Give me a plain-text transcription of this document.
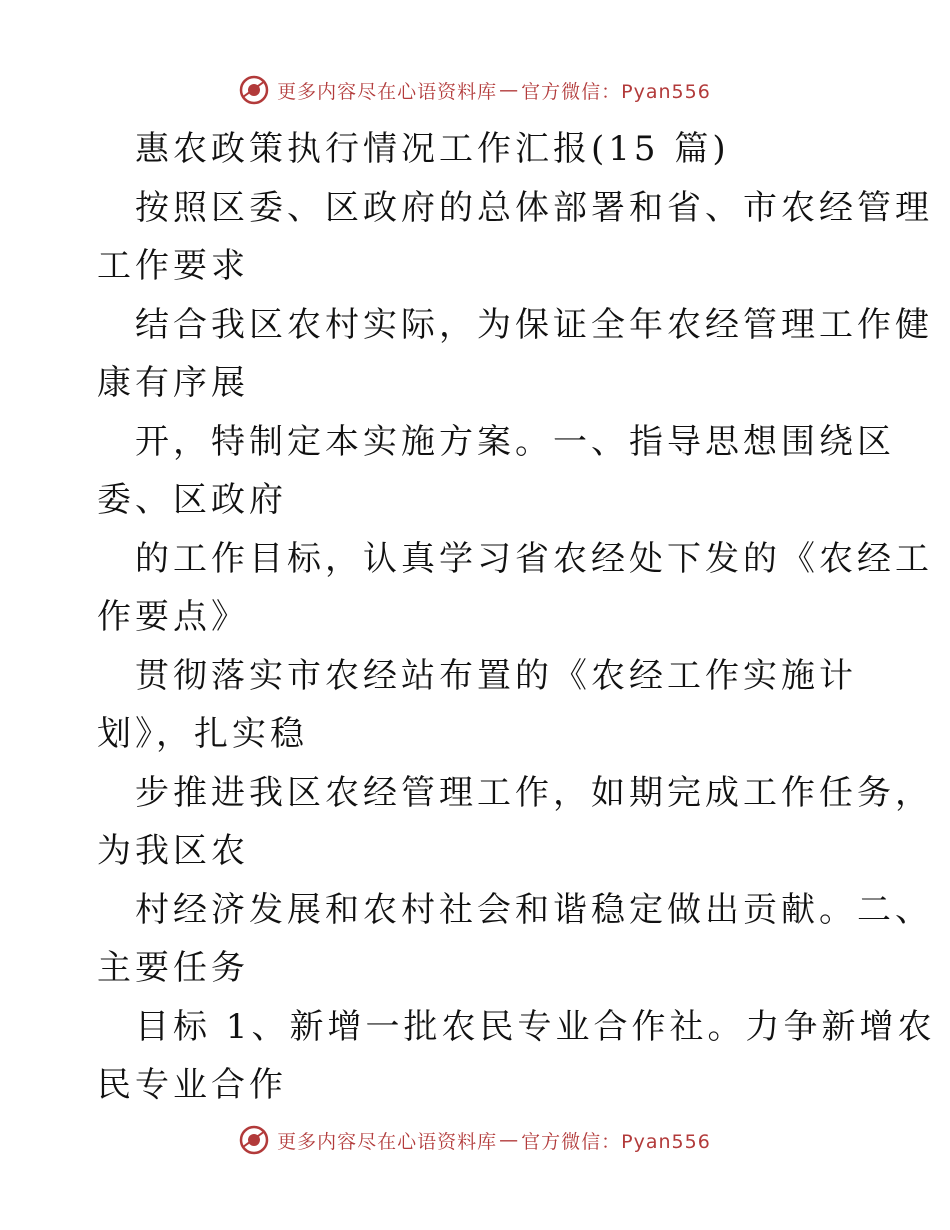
更多内容尽在心语资料库 — 官方微信：Pyan556
惠农政策执行情况工作汇报(15 篇)
按照区委、区政府的总体部署和省、市农经管理
工作要求
结合我区农村实际，为保证全年农经管理工作健
康有序展
开，特制定本实施方案。一、指导思想围绕区
委、区政府
的工作目标，认真学习省农经处下发的《农经工
作要点》
贯彻落实市农经站布置的《农经工作实施计
划》，扎实稳
步推进我区农经管理工作，如期完成工作任务，
为我区农
村经济发展和农村社会和谐稳定做出贡献。二、
主要任务
目标 1、新增一批农民专业合作社。力争新增农
民专业合作
更多内容尽在心语资料库 — 官方微信：Pyan556
